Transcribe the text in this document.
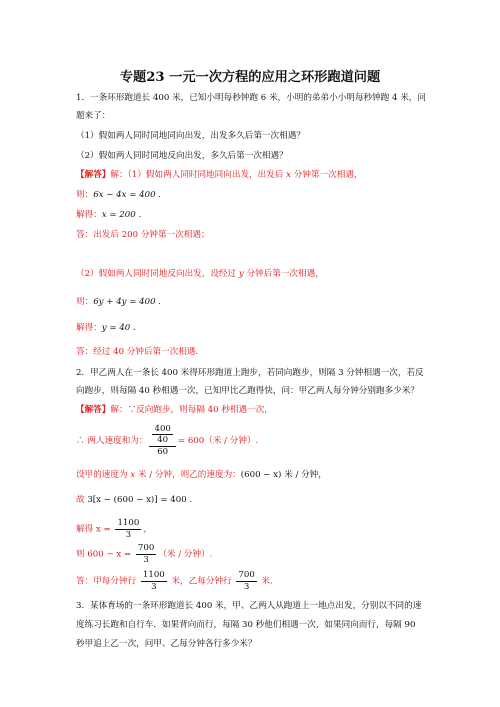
专题23 一元一次方程的应用之环形跑道问题
1．一条环形跑道长 400 米，已知小明每秒钟跑 6 米，小明的弟弟小小明每秒钟跑 4 米，问
题来了：
（1）假如两人同时同地同向出发，出发多久后第一次相遇？
（2）假如两人同时同地反向出发，多久后第一次相遇？
【解答】解：（1）假如两人同时同地同向出发，出发后 x 分钟第一次相遇，
则：6x − 4x = 400 .
解得：x = 200 .
答：出发后 200 分钟第一次相遇；
（2）假如两人同时同地反向出发，设经过 y 分钟后第一次相遇，
则：6y + 4y = 400 .
解得：y = 40 .
答：经过 40 分钟后第一次相遇.
2．甲乙两人在一条长 400 米得环形跑道上跑步，若同向跑步，则隔 3 分钟相遇一次，若反
向跑步，则每隔 40 秒相遇一次，已知甲比乙跑得快，问：甲乙两人每分钟分别跑多少米？
【解答】解：∵反向跑步，则每隔 40 秒相遇一次，
∴ 两人速度和为： 400
40
60 = 600（米 / 分钟）.
设甲的速度为 x 米 / 分钟，则乙的速度为：(600 − x) 米 / 分钟，
故 3[x − (600 − x)] = 400 .
解得 $x = \frac{1100}{3}$ ，
则 $600 - x = \frac{700}{3}$ （米 / 分钟）.
答：甲每分钟行 $\frac{1100}{3}$ 米，乙每分钟行 $\frac{700}{3}$ 米.
3．某体育场的一条环形跑道长 400 米，甲、乙两人从跑道上一地点出发，分别以不同的速
度练习长跑和自行车．如果背向而行，每隔 30 秒他们相遇一次，如果同向而行，每隔 90
秒甲追上乙一次，问甲、乙每分钟各行多少米？
